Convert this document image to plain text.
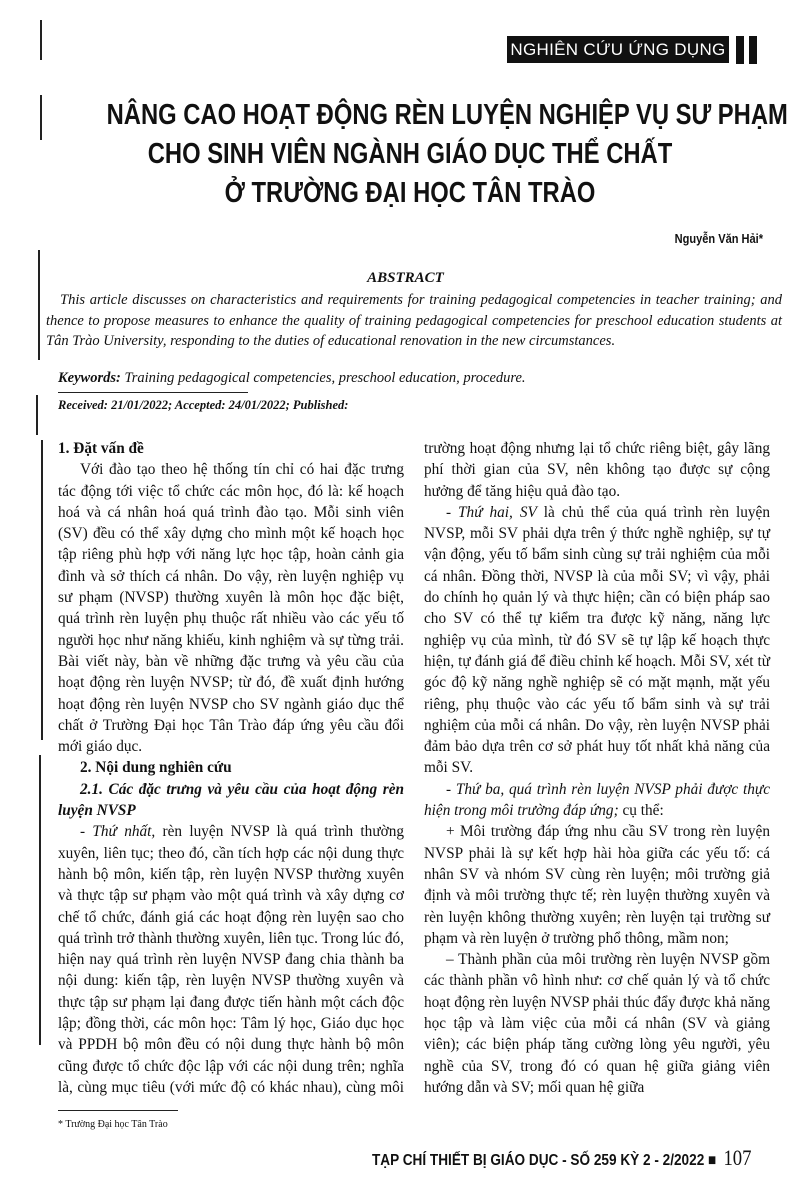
NGHIÊN CỨU ỨNG DỤNG
NÂNG CAO HOẠT ĐỘNG RÈN LUYỆN NGHIỆP VỤ SƯ PHẠM
CHO SINH VIÊN NGÀNH GIÁO DỤC THỂ CHẤT
Ở TRƯỜNG ĐẠI HỌC TÂN TRÀO
Nguyễn Văn Hải*
ABSTRACT
This article discusses on characteristics and requirements for training pedagogical competencies in teacher training; and thence to propose measures to enhance the quality of training pedagogical competencies for preschool education students at Tân Trào University, responding to the duties of educational renovation in the new circumstances.
Keywords: Training pedagogical competencies, preschool education, procedure.
Received: 21/01/2022; Accepted: 24/01/2022; Published:
1. Đặt vấn đề

Với đào tạo theo hệ thống tín chỉ có hai đặc trưng tác động tới việc tổ chức các môn học, đó là: kế hoạch hoá và cá nhân hoá quá trình đào tạo. Mỗi sinh viên (SV) đều có thể xây dựng cho mình một kế hoạch học tập riêng phù hợp với năng lực học tập, hoàn cảnh gia đình và sở thích cá nhân. Do vậy, rèn luyện nghiệp vụ sư phạm (NVSP) thường xuyên là môn học đặc biệt, quá trình rèn luyện phụ thuộc rất nhiều vào các yếu tố người học như năng khiếu, kinh nghiệm và sự từng trải. Bài viết này, bàn về những đặc trưng và yêu cầu của hoạt động rèn luyện NVSP; từ đó, đề xuất định hướng hoạt động rèn luyện NVSP cho SV ngành giáo dục thể chất ở Trường Đại học Tân Trào đáp ứng yêu cầu đổi mới giáo dục.

2. Nội dung nghiên cứu
2.1. Các đặc trưng và yêu cầu của hoạt động rèn luyện NVSP

- Thứ nhất, rèn luyện NVSP là quá trình thường xuyên, liên tục; theo đó, cần tích hợp các nội dung thực hành bộ môn, kiến tập, rèn luyện NVSP thường xuyên và thực tập sư phạm vào một quá trình và xây dựng cơ chế tổ chức, đánh giá các hoạt động rèn luyện sao cho quá trình trở thành thường xuyên, liên tục. Trong lúc đó, hiện nay quá trình rèn luyện NVSP đang chia thành ba nội dung: kiến tập, rèn luyện NVSP thường xuyên và thực tập sư phạm lại đang được tiến hành một cách độc lập; đồng thời, các môn học: Tâm lý học, Giáo dục học và PPDH bộ môn đều có nội dung thực hành bộ môn cũng được tổ chức độc lập với các nội dung trên; nghĩa là, cùng mục tiêu (với mức độ có khác nhau), cùng môi trường hoạt động nhưng lại tổ chức riêng biệt, gây lãng phí thời gian của SV, nên không tạo được sự cộng hưởng để tăng hiệu quả đào tạo.

- Thứ hai, SV là chủ thể của quá trình rèn luyện NVSP, mỗi SV phải dựa trên ý thức nghề nghiệp, sự tự vận động, yếu tố bẩm sinh cùng sự trải nghiệm của mỗi cá nhân. Đồng thời, NVSP là của mỗi SV; vì vậy, phải do chính họ quản lý và thực hiện; cần có biện pháp sao cho SV có thể tự kiểm tra được kỹ năng, năng lực nghiệp vụ của mình, từ đó SV sẽ tự lập kế hoạch thực hiện, tự đánh giá để điều chỉnh kế hoạch. Mỗi SV, xét từ góc độ kỹ năng nghề nghiệp sẽ có mặt mạnh, mặt yếu riêng, phụ thuộc vào các yếu tố bẩm sinh và sự trải nghiệm của mỗi cá nhân. Do vậy, rèn luyện NVSP phải đảm bảo dựa trên cơ sở phát huy tốt nhất khả năng của mỗi SV.

- Thứ ba, quá trình rèn luyện NVSP phải được thực hiện trong môi trường đáp ứng; cụ thể:

+ Môi trường đáp ứng nhu cầu SV trong rèn luyện NVSP phải là sự kết hợp hài hòa giữa các yếu tố: cá nhân SV và nhóm SV cùng rèn luyện; môi trường giả định và môi trường thực tế; rèn luyện thường xuyên và rèn luyện không thường xuyên; rèn luyện tại trường sư phạm và rèn luyện ở trường phổ thông, mầm non;

– Thành phần của môi trường rèn luyện NVSP gồm các thành phần vô hình như: cơ chế quản lý và tổ chức hoạt động rèn luyện NVSP phải thúc đẩy được khả năng học tập và làm việc của mỗi cá nhân (SV và giảng viên); các biện pháp tăng cường lòng yêu người, yêu nghề của SV, trong đó có quan hệ giữa giảng viên hướng dẫn và SV; mối quan hệ giữa

* Trường Đại học Tân Trào
TẠP CHÍ THIẾT BỊ GIÁO DỤC - SỐ 259 KỲ 2 - 2/2022 ■ 107
